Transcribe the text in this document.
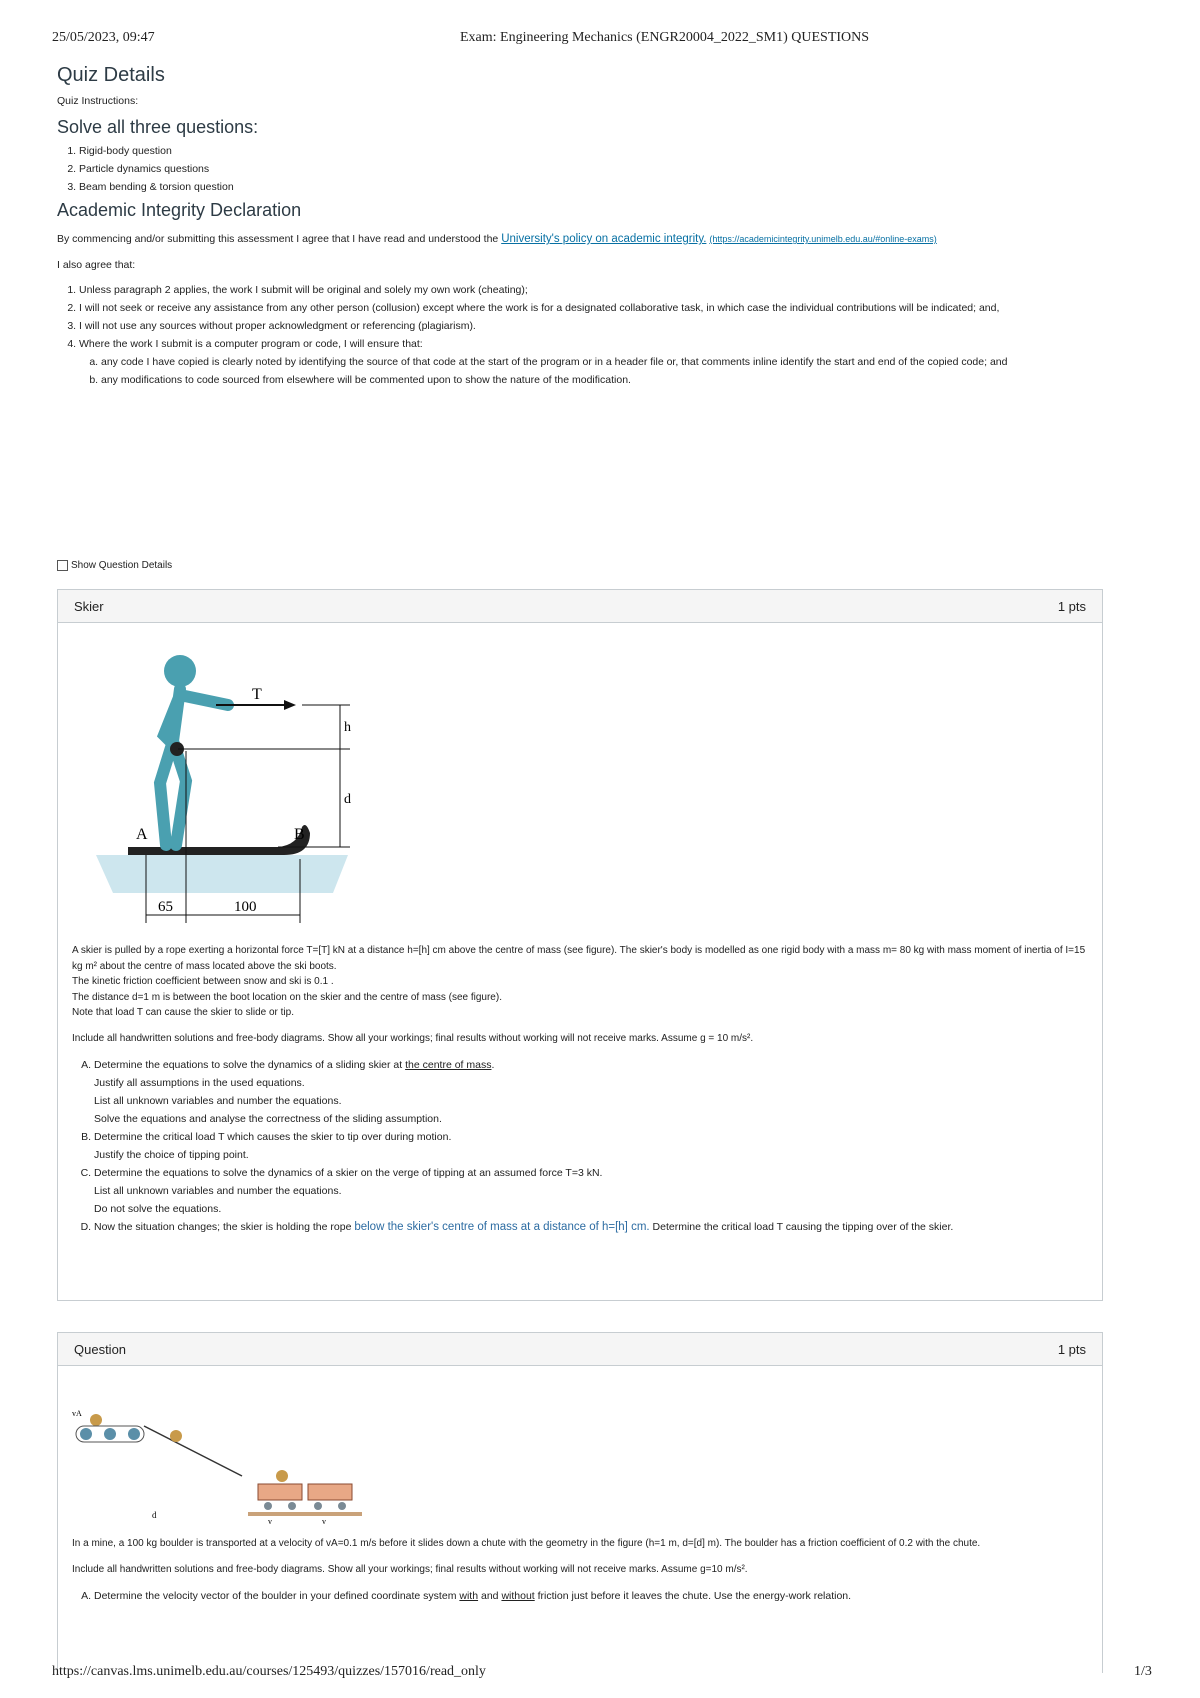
25/05/2023, 09:47	Exam: Engineering Mechanics (ENGR20004_2022_SM1) QUESTIONS
Quiz Details
Quiz Instructions:
Solve all three questions:
1. Rigid-body question
2. Particle dynamics questions
3. Beam bending & torsion question
Academic Integrity Declaration
By commencing and/or submitting this assessment I agree that I have read and understood the University's policy on academic integrity. (https://academicintegrity.unimelb.edu.au/#online-exams)
I also agree that:
1. Unless paragraph 2 applies, the work I submit will be original and solely my own work (cheating);
2. I will not seek or receive any assistance from any other person (collusion) except where the work is for a designated collaborative task, in which case the individual contributions will be indicated; and,
3. I will not use any sources without proper acknowledgment or referencing (plagiarism).
4. Where the work I submit is a computer program or code, I will ensure that:
a. any code I have copied is clearly noted by identifying the source of that code at the start of the program or in a header file or, that comments inline identify the start and end of the copied code; and
b. any modifications to code sourced from elsewhere will be commented upon to show the nature of the modification.
Show Question Details
Skier	1 pts
T
h
d
A	B
65	100

A skier is pulled by a rope exerting a horizontal force T=[T] kN at a distance h=[h] cm above the centre of mass (see figure). The skier's body is modelled as one rigid body with a mass m= 80 kg with mass moment of inertia of I=15 kg m² about the centre of mass located above the ski boots.

The kinetic friction coefficient between snow and ski is 0.1 .

The distance d=1 m is between the boot location on the skier and the centre of mass (see figure).

Note that load T can cause the skier to slide or tip.

Include all handwritten solutions and free-body diagrams. Show all your workings; final results without working will not receive marks. Assume g = 10 m/s².

A. Determine the equations to solve the dynamics of a sliding skier at the centre of mass.
Justify all assumptions in the used equations.
List all unknown variables and number the equations.
Solve the equations and analyse the correctness of the sliding assumption.
B. Determine the critical load T which causes the skier to tip over during motion.
Justify the choice of tipping point.
C. Determine the equations to solve the dynamics of a skier on the verge of tipping at an assumed force T=3 kN.
List all unknown variables and number the equations.
Do not solve the equations.
D. Now the situation changes; the skier is holding the rope below the skier's centre of mass at a distance of h=[h] cm. Determine the critical load T causing the tipping over of the skier.
Question	1 pts
vA
d
v	v

In a mine, a 100 kg boulder is transported at a velocity of vA=0.1 m/s before it slides down a chute with the geometry in the figure (h=1 m, d=[d] m). The boulder has a friction coefficient of 0.2 with the chute.

Include all handwritten solutions and free-body diagrams. Show all your workings; final results without working will not receive marks. Assume g=10 m/s².

A. Determine the velocity vector of the boulder in your defined coordinate system with and without friction just before it leaves the chute. Use the energy-work relation.
https://canvas.lms.unimelb.edu.au/courses/125493/quizzes/157016/read_only	1/3
